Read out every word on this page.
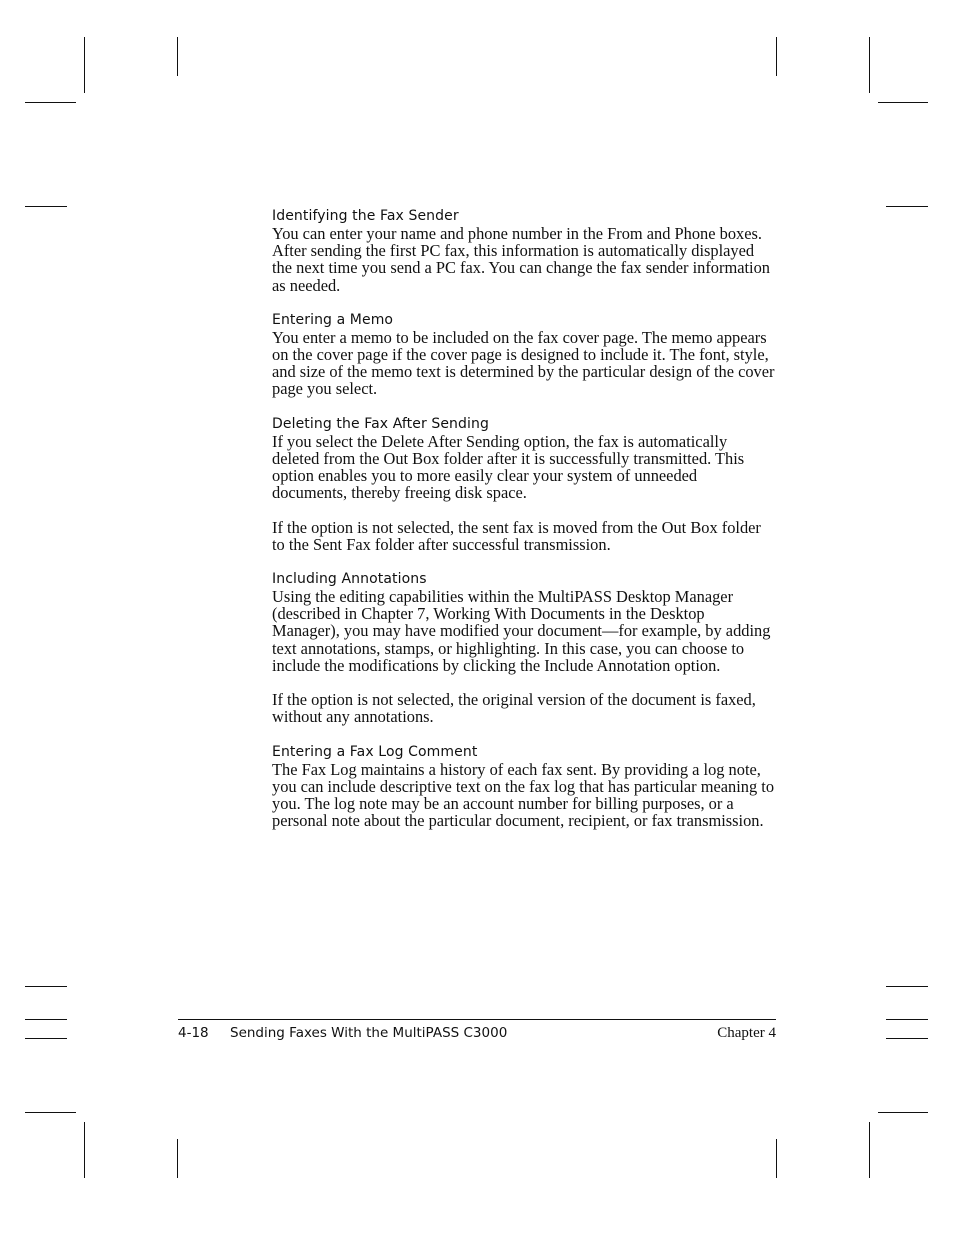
Identifying the Fax Sender

You can enter your name and phone number in the From and Phone boxes. After sending the first PC fax, this information is automatically displayed the next time you send a PC fax. You can change the fax sender information as needed.

Entering a Memo

You enter a memo to be included on the fax cover page. The memo appears on the cover page if the cover page is designed to include it. The font, style, and size of the memo text is determined by the particular design of the cover page you select.

Deleting the Fax After Sending

If you select the Delete After Sending option, the fax is automatically deleted from the Out Box folder after it is successfully transmitted. This option enables you to more easily clear your system of unneeded documents, thereby freeing disk space.

If the option is not selected, the sent fax is moved from the Out Box folder to the Sent Fax folder after successful transmission.

Including Annotations

Using the editing capabilities within the MultiPASS Desktop Manager (described in Chapter 7, Working With Documents in the Desktop Manager), you may have modified your document—for example, by adding text annotations, stamps, or highlighting. In this case, you can choose to include the modifications by clicking the Include Annotation option.

If the option is not selected, the original version of the document is faxed, without any annotations.

Entering a Fax Log Comment

The Fax Log maintains a history of each fax sent. By providing a log note, you can include descriptive text on the fax log that has particular meaning to you. The log note may be an account number for billing purposes, or a personal note about the particular document, recipient, or fax transmission.

4-18 Sending Faxes With the MultiPASS C3000	Chapter 4
